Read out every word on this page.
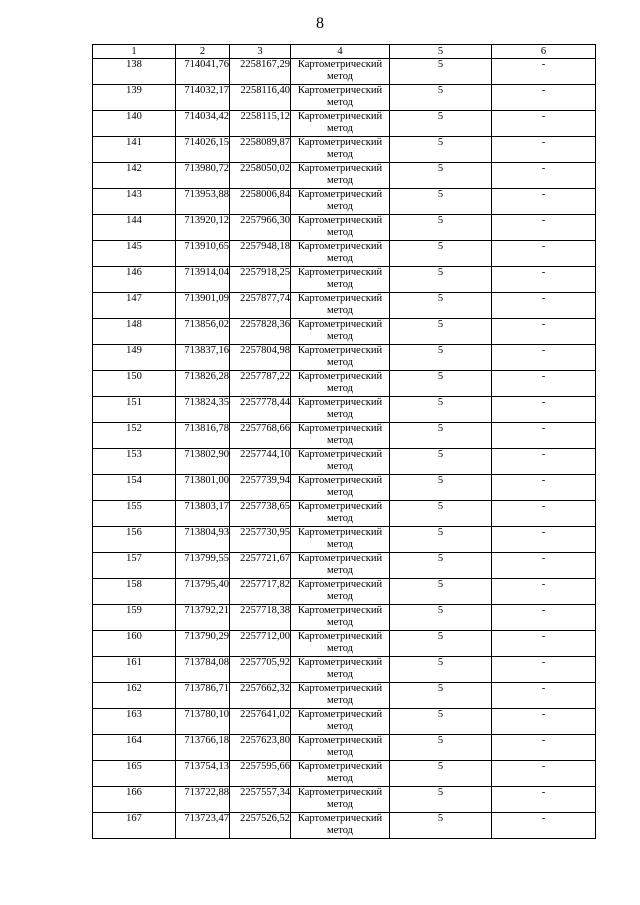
8
1	2	3	4	5	6
138	714041,76	2258167,29	Картометрический метод	5	-
139	714032,17	2258116,40	Картометрический метод	5	-
140	714034,42	2258115,12	Картометрический метод	5	-
141	714026,15	2258089,87	Картометрический метод	5	-
142	713980,72	2258050,02	Картометрический метод	5	-
143	713953,88	2258006,84	Картометрический метод	5	-
144	713920,12	2257966,30	Картометрический метод	5	-
145	713910,65	2257948,18	Картометрический метод	5	-
146	713914,04	2257918,25	Картометрический метод	5	-
147	713901,09	2257877,74	Картометрический метод	5	-
148	713856,02	2257828,36	Картометрический метод	5	-
149	713837,16	2257804,98	Картометрический метод	5	-
150	713826,28	2257787,22	Картометрический метод	5	-
151	713824,35	2257778,44	Картометрический метод	5	-
152	713816,78	2257768,66	Картометрический метод	5	-
153	713802,90	2257744,10	Картометрический метод	5	-
154	713801,00	2257739,94	Картометрический метод	5	-
155	713803,17	2257738,65	Картометрический метод	5	-
156	713804,93	2257730,95	Картометрический метод	5	-
157	713799,55	2257721,67	Картометрический метод	5	-
158	713795,40	2257717,82	Картометрический метод	5	-
159	713792,21	2257718,38	Картометрический метод	5	-
160	713790,29	2257712,00	Картометрический метод	5	-
161	713784,08	2257705,92	Картометрический метод	5	-
162	713786,71	2257662,32	Картометрический метод	5	-
163	713780,10	2257641,02	Картометрический метод	5	-
164	713766,18	2257623,80	Картометрический метод	5	-
165	713754,13	2257595,66	Картометрический метод	5	-
166	713722,88	2257557,34	Картометрический метод	5	-
167	713723,47	2257526,52	Картометрический метод	5	-
